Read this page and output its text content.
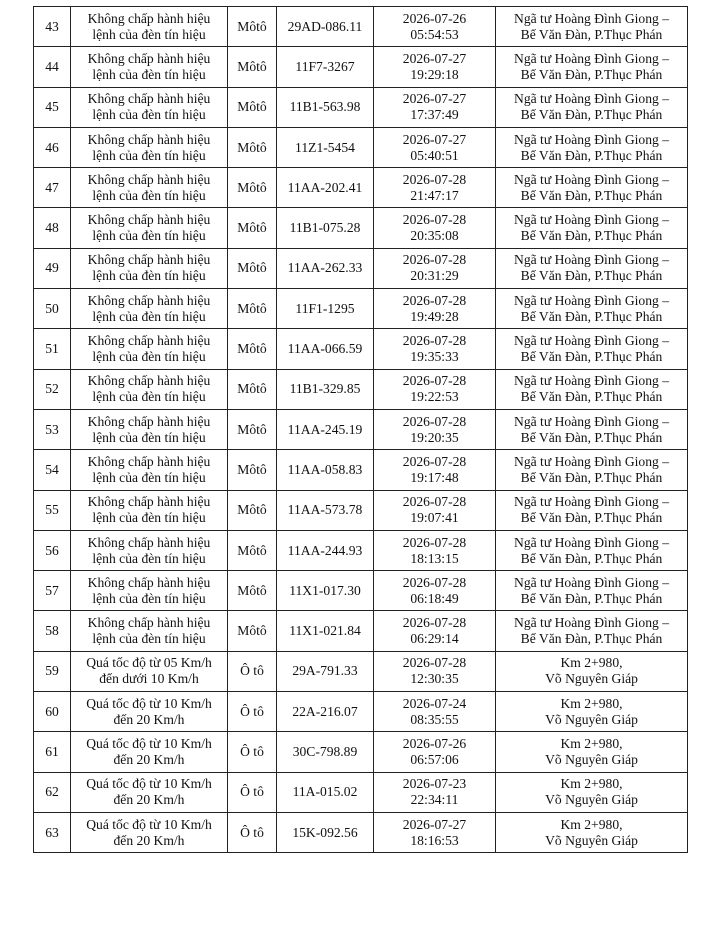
43	Không chấp hành hiệu
lệnh của đèn tín hiệu	Môtô	29AD-086.11	2026-07-26
05:54:53	Ngã tư Hoàng Đình Giong –
Bế Văn Đàn, P.Thục Phán

44	Không chấp hành hiệu
lệnh của đèn tín hiệu	Môtô	11F7-3267	2026-07-27
19:29:18	Ngã tư Hoàng Đình Giong –
Bế Văn Đàn, P.Thục Phán

45	Không chấp hành hiệu
lệnh của đèn tín hiệu	Môtô	11B1-563.98	2026-07-27
17:37:49	Ngã tư Hoàng Đình Giong –
Bế Văn Đàn, P.Thục Phán

46	Không chấp hành hiệu
lệnh của đèn tín hiệu	Môtô	11Z1-5454	2026-07-27
05:40:51	Ngã tư Hoàng Đình Giong –
Bế Văn Đàn, P.Thục Phán

47	Không chấp hành hiệu
lệnh của đèn tín hiệu	Môtô	11AA-202.41	2026-07-28
21:47:17	Ngã tư Hoàng Đình Giong –
Bế Văn Đàn, P.Thục Phán

48	Không chấp hành hiệu
lệnh của đèn tín hiệu	Môtô	11B1-075.28	2026-07-28
20:35:08	Ngã tư Hoàng Đình Giong –
Bế Văn Đàn, P.Thục Phán

49	Không chấp hành hiệu
lệnh của đèn tín hiệu	Môtô	11AA-262.33	2026-07-28
20:31:29	Ngã tư Hoàng Đình Giong –
Bế Văn Đàn, P.Thục Phán

50	Không chấp hành hiệu
lệnh của đèn tín hiệu	Môtô	11F1-1295	2026-07-28
19:49:28	Ngã tư Hoàng Đình Giong –
Bế Văn Đàn, P.Thục Phán

51	Không chấp hành hiệu
lệnh của đèn tín hiệu	Môtô	11AA-066.59	2026-07-28
19:35:33	Ngã tư Hoàng Đình Giong –
Bế Văn Đàn, P.Thục Phán

52	Không chấp hành hiệu
lệnh của đèn tín hiệu	Môtô	11B1-329.85	2026-07-28
19:22:53	Ngã tư Hoàng Đình Giong –
Bế Văn Đàn, P.Thục Phán

53	Không chấp hành hiệu
lệnh của đèn tín hiệu	Môtô	11AA-245.19	2026-07-28
19:20:35	Ngã tư Hoàng Đình Giong –
Bế Văn Đàn, P.Thục Phán

54	Không chấp hành hiệu
lệnh của đèn tín hiệu	Môtô	11AA-058.83	2026-07-28
19:17:48	Ngã tư Hoàng Đình Giong –
Bế Văn Đàn, P.Thục Phán

55	Không chấp hành hiệu
lệnh của đèn tín hiệu	Môtô	11AA-573.78	2026-07-28
19:07:41	Ngã tư Hoàng Đình Giong –
Bế Văn Đàn, P.Thục Phán

56	Không chấp hành hiệu
lệnh của đèn tín hiệu	Môtô	11AA-244.93	2026-07-28
18:13:15	Ngã tư Hoàng Đình Giong –
Bế Văn Đàn, P.Thục Phán

57	Không chấp hành hiệu
lệnh của đèn tín hiệu	Môtô	11X1-017.30	2026-07-28
06:18:49	Ngã tư Hoàng Đình Giong –
Bế Văn Đàn, P.Thục Phán

58	Không chấp hành hiệu
lệnh của đèn tín hiệu	Môtô	11X1-021.84	2026-07-28
06:29:14	Ngã tư Hoàng Đình Giong –
Bế Văn Đàn, P.Thục Phán

59	Quá tốc độ từ 05 Km/h
đến dưới 10 Km/h	Ô tô	29A-791.33	2026-07-28
12:30:35	Km 2+980,
Võ Nguyên Giáp

60	Quá tốc độ từ 10 Km/h
đến 20 Km/h	Ô tô	22A-216.07	2026-07-24
08:35:55	Km 2+980,
Võ Nguyên Giáp

61	Quá tốc độ từ 10 Km/h
đến 20 Km/h	Ô tô	30C-798.89	2026-07-26
06:57:06	Km 2+980,
Võ Nguyên Giáp

62	Quá tốc độ từ 10 Km/h
đến 20 Km/h	Ô tô	11A-015.02	2026-07-23
22:34:11	Km 2+980,
Võ Nguyên Giáp

63	Quá tốc độ từ 10 Km/h
đến 20 Km/h	Ô tô	15K-092.56	2026-07-27
18:16:53	Km 2+980,
Võ Nguyên Giáp
